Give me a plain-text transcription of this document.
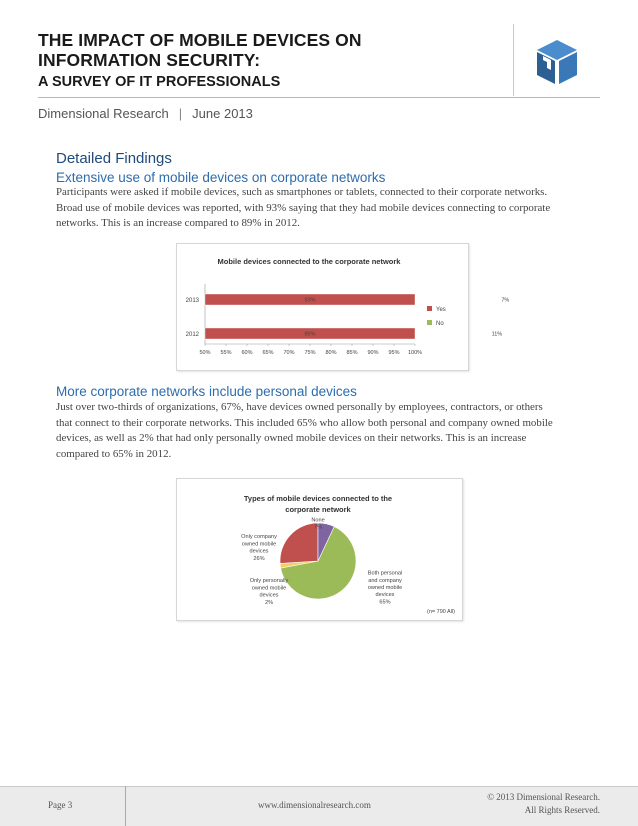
THE IMPACT OF MOBILE DEVICES ON
INFORMATION SECURITY:
A SURVEY OF IT PROFESSIONALS
Dimensional Research | June 2013
Detailed Findings
Extensive use of mobile devices on corporate networks
Participants were asked if mobile devices, such as smartphones or tablets, connected to their corporate networks.
Broad use of mobile devices was reported, with 93% saying that they had mobile devices connecting to corporate
networks. This is an increase compared to 89% in 2012.
Mobile devices connected to the corporate network
2013	93%	7%
2012	89%	11%
50% 55% 60% 65% 70% 75% 80% 85% 90% 95% 100%
Yes
No
More corporate networks include personal devices
Just over two-thirds of organizations, 67%, have devices owned personally by employees, contractors, or others
that connect to their corporate networks. This included 65% who allow both personal and company owned mobile
devices, as well as 2% that had only personally owned mobile devices on their networks. This is an increase
compared to 65% in 2012.
Types of mobile devices connected to the
corporate network
(n= 790 All)
Both personal
and company
owned mobile
devices
65%
Only personally
owned mobile
devices
2%
Only company
owned mobile
devices
26%
None
7%
Page 3	www.dimensionalresearch.com
© 2013 Dimensional Research.
All Rights Reserved.
